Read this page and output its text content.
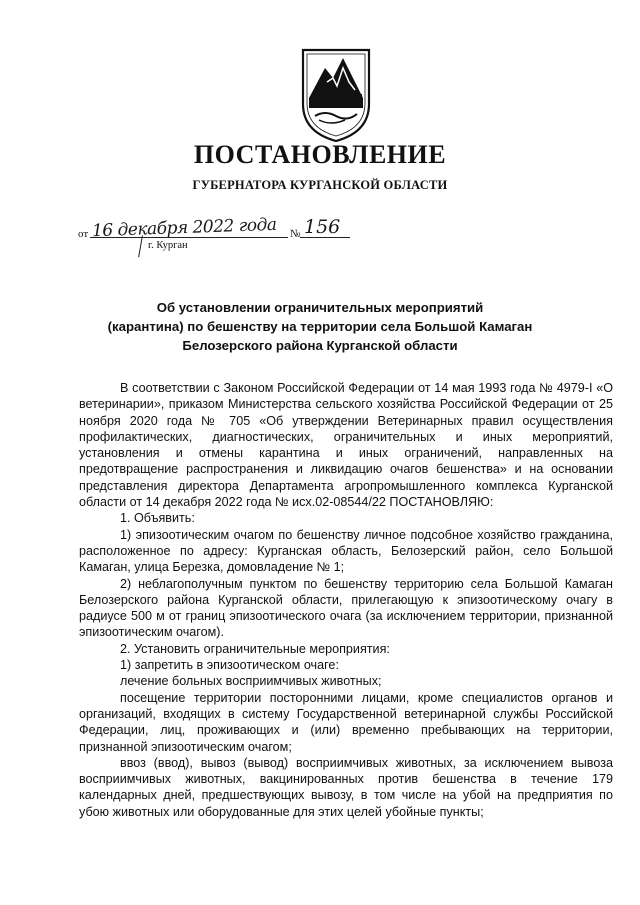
ПОСТАНОВЛЕНИЕ
ГУБЕРНАТОРА КУРГАНСКОЙ ОБЛАСТИ
от 16 декабря 2022 года № 156
г. Курган
Об установлении ограничительных мероприятий
(карантина) по бешенству на территории села Большой Камаган
Белозерского района Курганской области

В соответствии с Законом Российской Федерации от 14 мая 1993 года № 4979-I «О ветеринарии», приказом Министерства сельского хозяйства Российской Федерации от 25 ноября 2020 года № 705 «Об утверждении Ветеринарных правил осуществления профилактических, диагностических, ограничительных и иных мероприятий, установления и отмены карантина и иных ограничений, направленных на предотвращение распространения и ликвидацию очагов бешенства» и на основании представления директора Департамента агропромышленного комплекса Курганской области от 14 декабря 2022 года № исх.02-08544/22 ПОСТАНОВЛЯЮ:

1. Объявить:

1) эпизоотическим очагом по бешенству личное подсобное хозяйство гражданина, расположенное по адресу: Курганская область, Белозерский район, село Большой Камаган, улица Березка, домовладение № 1;

2) неблагополучным пунктом по бешенству территорию села Большой Камаган Белозерского района Курганской области, прилегающую к эпизоотическому очагу в радиусе 500 м от границ эпизоотического очага (за исключением территории, признанной эпизоотическим очагом).

2. Установить ограничительные мероприятия:

1) запретить в эпизоотическом очаге:

лечение больных восприимчивых животных;

посещение территории посторонними лицами, кроме специалистов органов и организаций, входящих в систему Государственной ветеринарной службы Российской Федерации, лиц, проживающих и (или) временно пребывающих на территории, признанной эпизоотическим очагом;

ввоз (ввод), вывоз (вывод) восприимчивых животных, за исключением вывоза восприимчивых животных, вакцинированных против бешенства в течение 179 календарных дней, предшествующих вывозу, в том числе на убой на предприятия по убою животных или оборудованные для этих целей убойные пункты;
